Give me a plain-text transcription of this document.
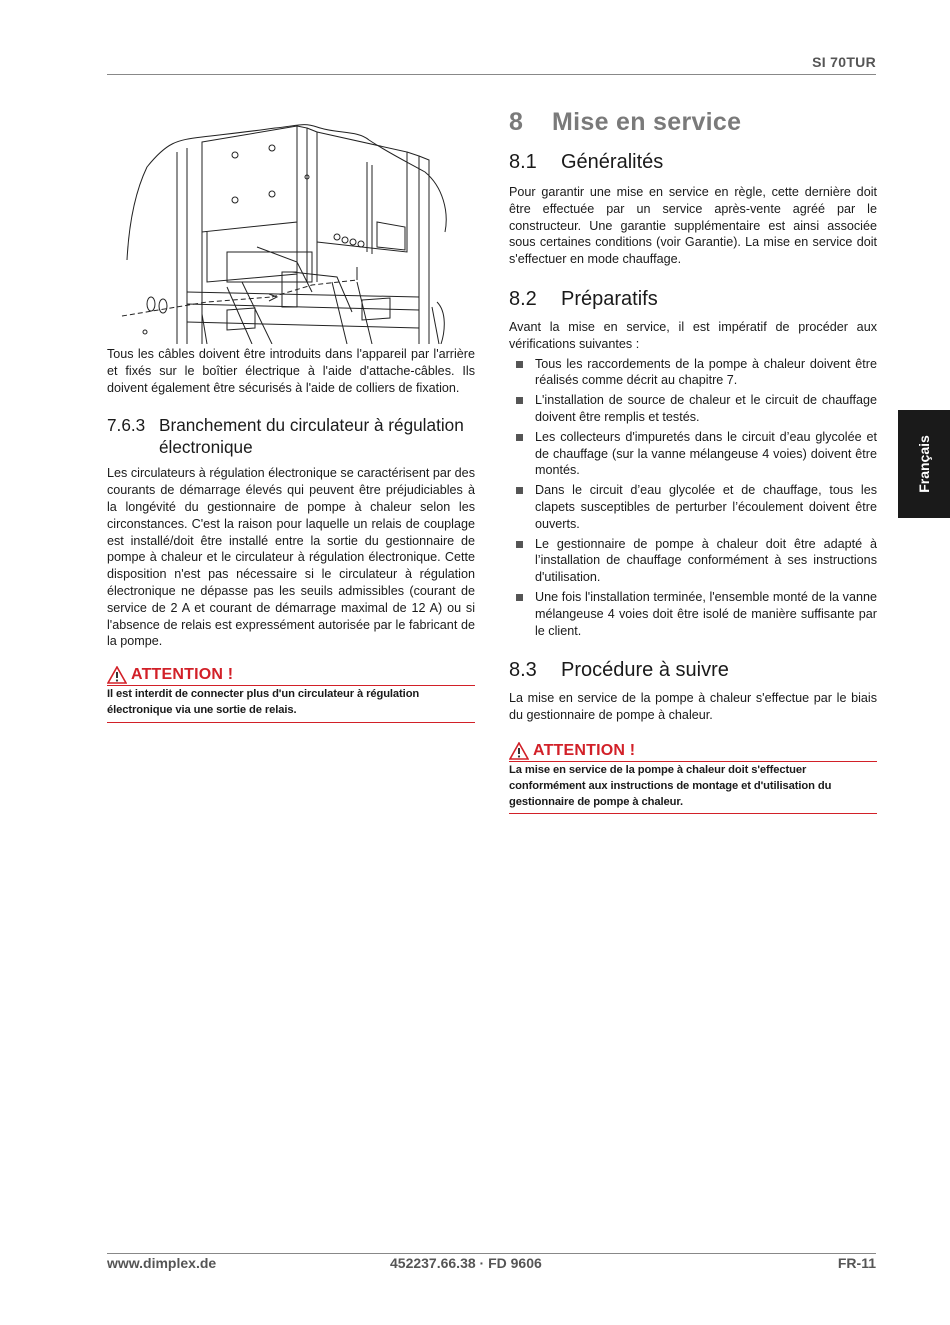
SI 70TUR

Tous les câbles doivent être introduits dans l'appareil par l'arrière et fixés sur le boîtier électrique à l'aide d'attache-câbles. Ils doivent également être sécurisés à l'aide de colliers de fixation.

7.6.3 Branchement du circulateur à régulation électronique

Les circulateurs à régulation électronique se caractérisent par des courants de démarrage élevés qui peuvent être préjudiciables à la longévité du gestionnaire de pompe à chaleur selon les circonstances. C'est la raison pour laquelle un relais de couplage est installé/doit être installé entre la sortie du gestionnaire de pompe à chaleur et le circulateur à régulation électronique. Cette disposition n'est pas nécessaire si le circulateur à régulation électronique ne dépasse pas les seuils admissibles (courant de service de 2 A et courant de démarrage maximal de 12 A) ou si l'absence de relais est expressément autorisée par le fabricant de la pompe.

ATTENTION !
Il est interdit de connecter plus d'un circulateur à régulation électronique via une sortie de relais.
8 Mise en service
8.1 Généralités

Pour garantir une mise en service en règle, cette dernière doit être effectuée par un service après-vente agréé par le constructeur. Une garantie supplémentaire est ainsi associée sous certaines conditions (voir Garantie). La mise en service doit s'effectuer en mode chauffage.

8.2 Préparatifs

Avant la mise en service, il est impératif de procéder aux vérifications suivantes :

Tous les raccordements de la pompe à chaleur doivent être réalisés comme décrit au chapitre 7.
L'installation de source de chaleur et le circuit de chauffage doivent être remplis et testés.
Les collecteurs d'impuretés dans le circuit d’eau glycolée et de chauffage (sur la vanne mélangeuse 4 voies) doivent être montés.
Dans le circuit d’eau glycolée et de chauffage, tous les clapets susceptibles de perturber l’écoulement doivent être ouverts.
Le gestionnaire de pompe à chaleur doit être adapté à l’installation de chauffage conformément à ses instructions d'utilisation.
Une fois l'installation terminée, l'ensemble monté de la vanne mélangeuse 4 voies doit être isolé de manière suffisante par le client.
8.3 Procédure à suivre

La mise en service de la pompe à chaleur s'effectue par le biais du gestionnaire de pompe à chaleur.

ATTENTION !
La mise en service de la pompe à chaleur doit s'effectuer conformément aux instructions de montage et d'utilisation du gestionnaire de pompe à chaleur.
Français
www.dimplex.de	452237.66.38 · FD 9606	FR-11
